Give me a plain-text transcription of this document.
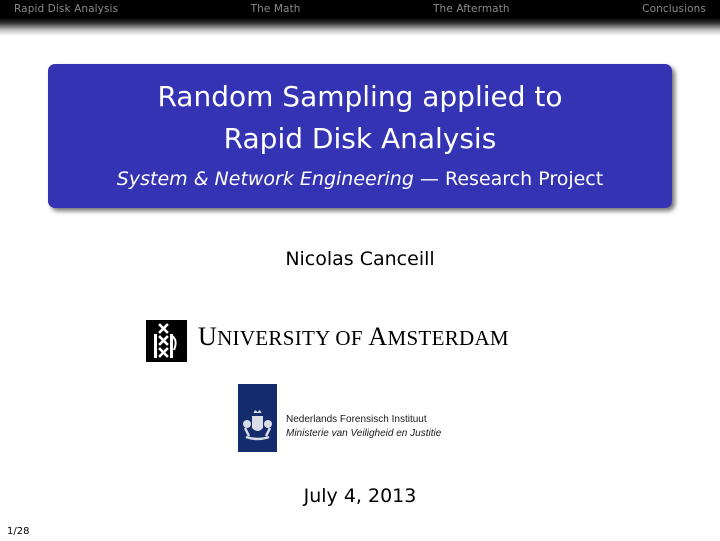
Rapid Disk Analysis	The Math	The Aftermath	Conclusions
Random Sampling applied to
Rapid Disk Analysis
System & Network Engineering — Research Project
Nicolas Canceill
UNIVERSITY OF AMSTERDAM
Nederlands Forensisch Instituut
Ministerie van Veiligheid en Justitie
July 4, 2013
1/28
